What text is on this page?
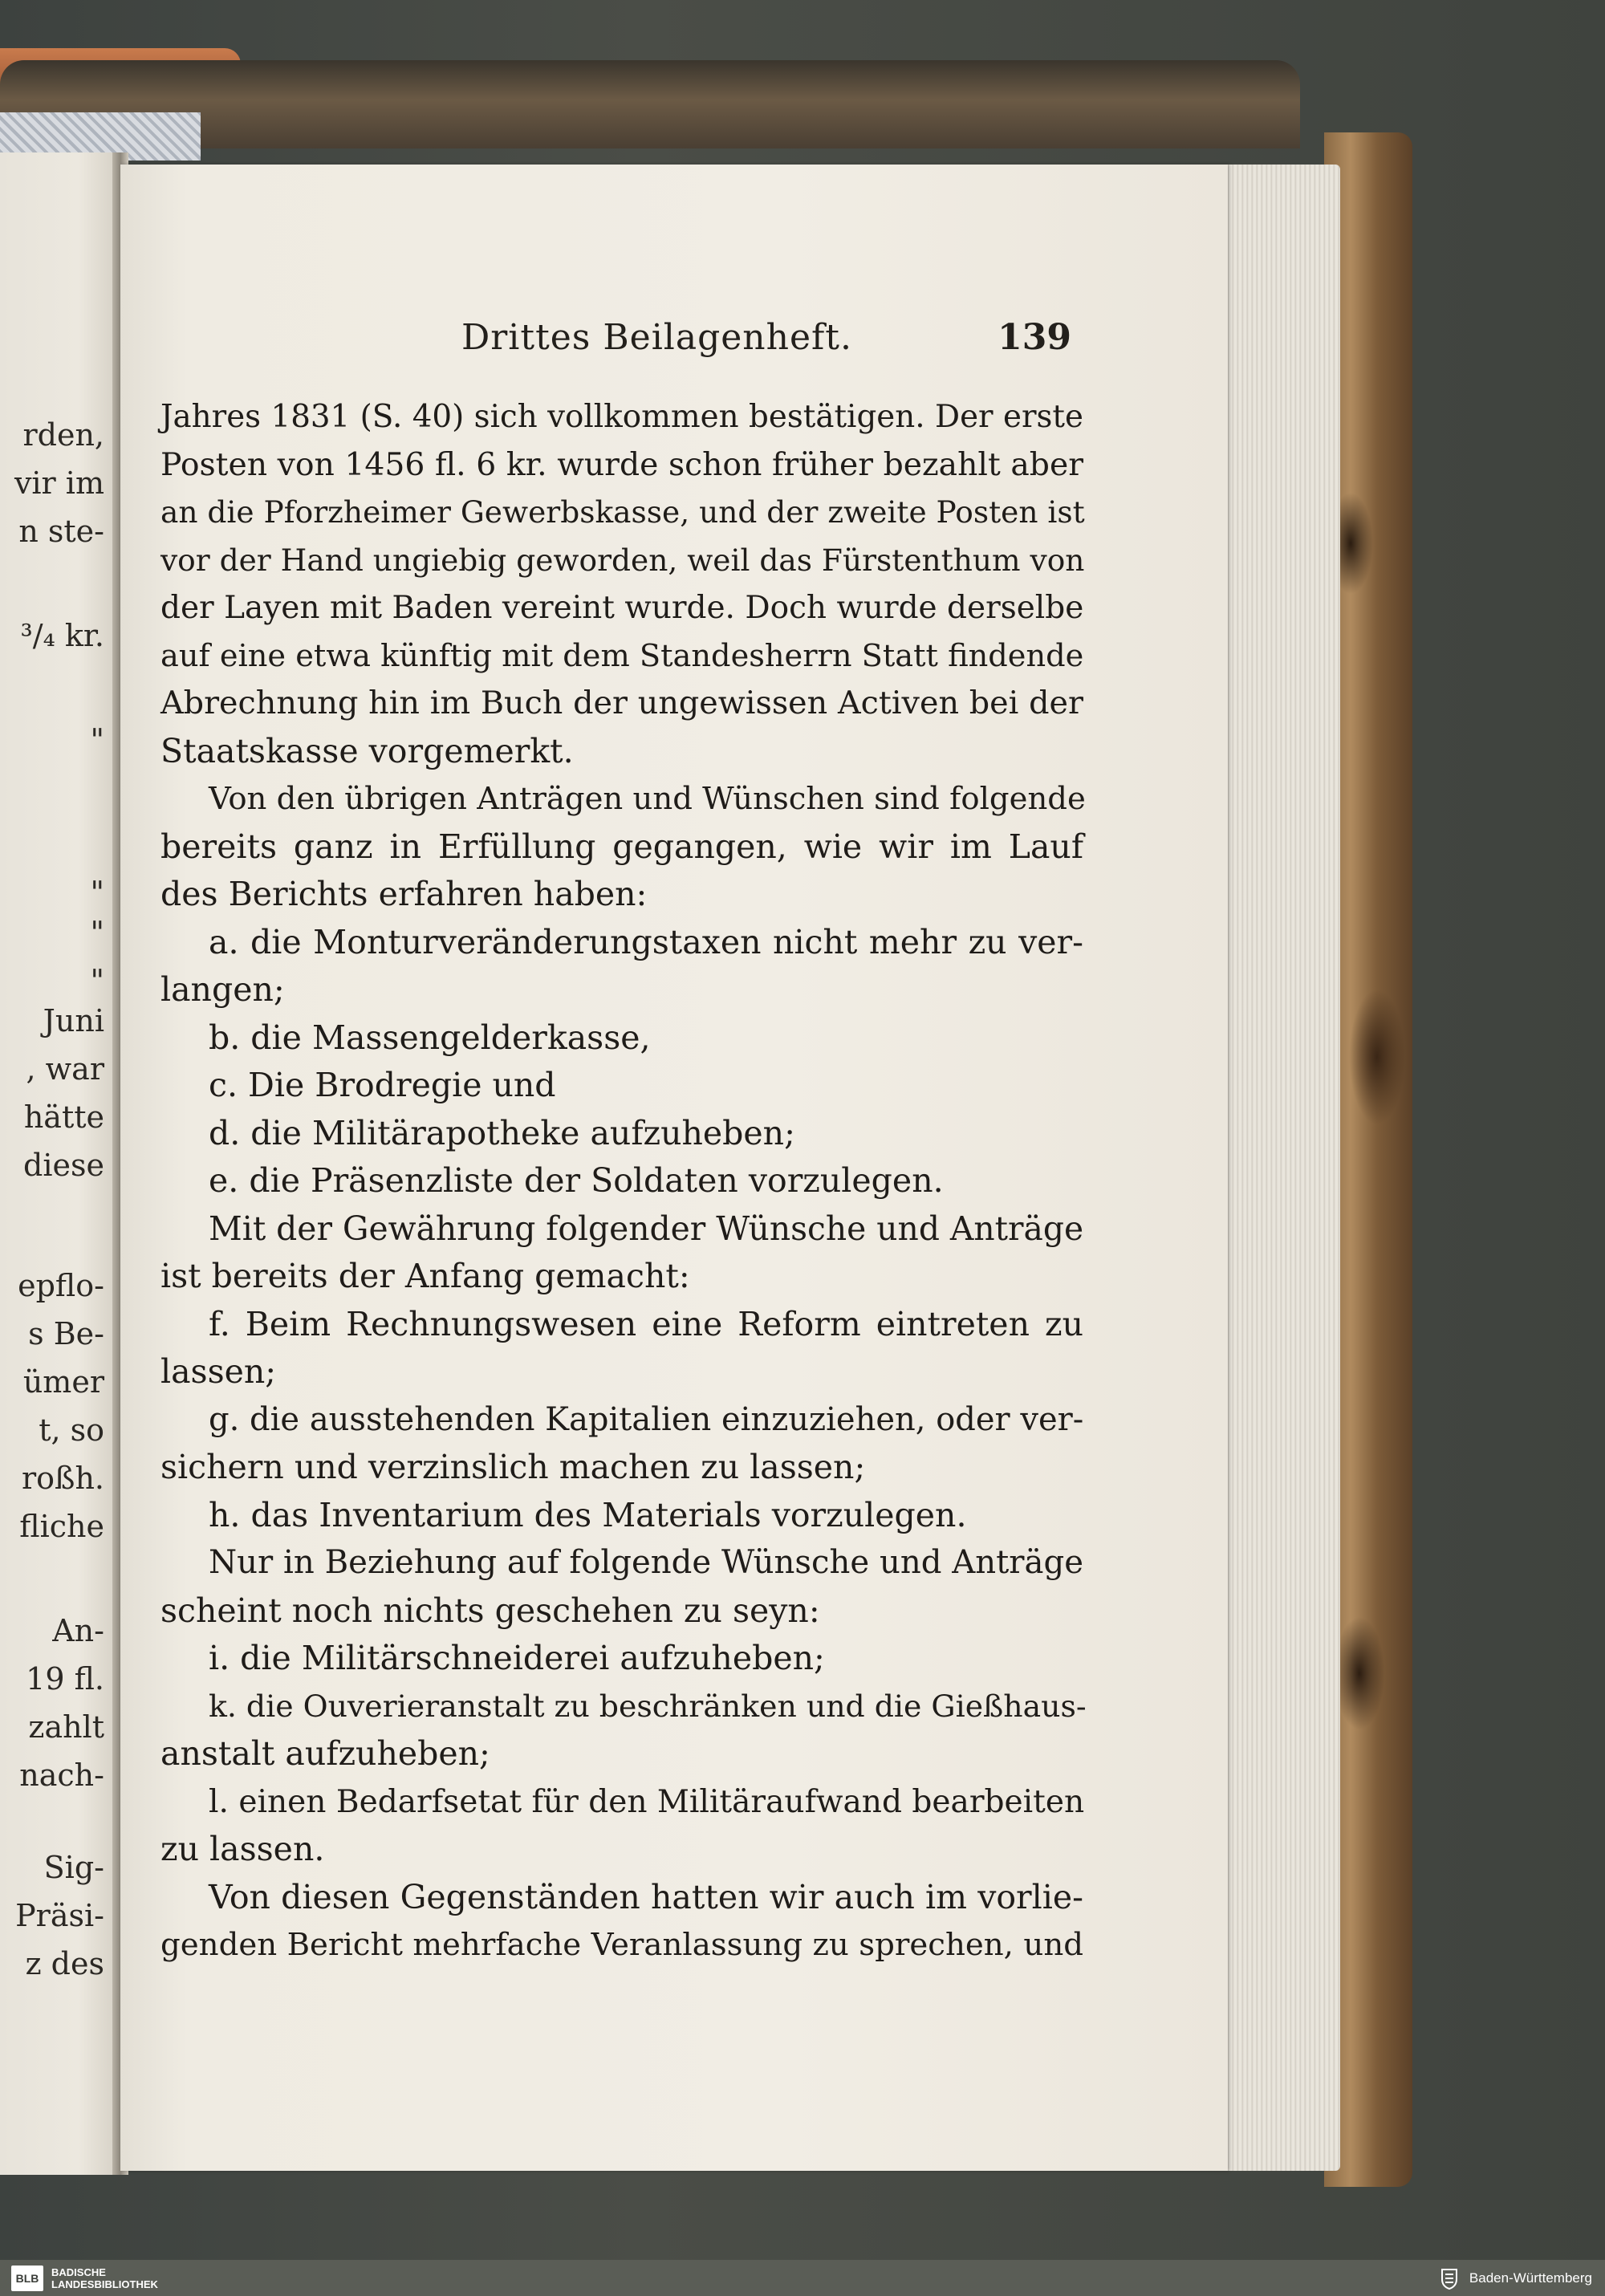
rden,
vir im
n ste-
³/₄ kr.
"
"
"
"
Juni
, war
hätte
diese
epflo-
s Be-
ümer
t, so
roßh.
fliche
An-
19 fl.
zahlt
nach-
Sig-
Präsi-
z des
Drittes Beilagenheft.	139
Jahres 1831 (S. 40) sich vollkommen bestätigen. Der erste
Posten von 1456 fl. 6 kr. wurde schon früher bezahlt aber
an die Pforzheimer Gewerbskasse, und der zweite Posten ist
vor der Hand ungiebig geworden, weil das Fürstenthum von
der Layen mit Baden vereint wurde. Doch wurde derselbe
auf eine etwa künftig mit dem Standesherrn Statt findende
Abrechnung hin im Buch der ungewissen Activen bei der
Staatskasse vorgemerkt.
Von den übrigen Anträgen und Wünschen sind folgende
bereits ganz in Erfüllung gegangen, wie wir im Lauf
des Berichts erfahren haben:
a. die Monturveränderungstaxen nicht mehr zu ver-
langen;
b. die Massengelderkasse,
c. Die Brodregie und
d. die Militärapotheke aufzuheben;
e. die Präsenzliste der Soldaten vorzulegen.
Mit der Gewährung folgender Wünsche und Anträge
ist bereits der Anfang gemacht:
f. Beim Rechnungswesen eine Reform eintreten zu
lassen;
g. die ausstehenden Kapitalien einzuziehen, oder ver-
sichern und verzinslich machen zu lassen;
h. das Inventarium des Materials vorzulegen.
Nur in Beziehung auf folgende Wünsche und Anträge
scheint noch nichts geschehen zu seyn:
i. die Militärschneiderei aufzuheben;
k. die Ouverieranstalt zu beschränken und die Gießhaus-
anstalt aufzuheben;
l. einen Bedarfsetat für den Militäraufwand bearbeiten
zu lassen.
Von diesen Gegenständen hatten wir auch im vorlie-
genden Bericht mehrfache Veranlassung zu sprechen, und
BLB	BADISCHE
LANDESBIBLIOTHEK	Baden-Württemberg
